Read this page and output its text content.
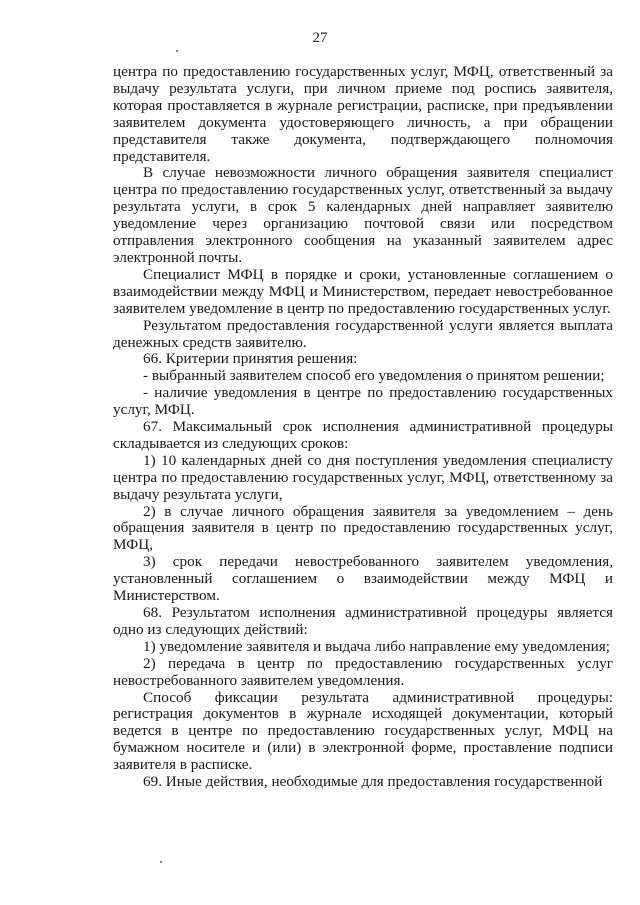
27

центра по предоставлению государственных услуг, МФЦ, ответственный за выдачу результата услуги, при личном приеме под роспись заявителя, которая проставляется в журнале регистрации, расписке, при предъявлении заявителем документа удостоверяющего личность, а при обращении представителя также документа, подтверждающего полномочия представителя.

В случае невозможности личного обращения заявителя специалист центра по предоставлению государственных услуг, ответственный за выдачу результата услуги, в срок 5 календарных дней направляет заявителю уведомление через организацию почтовой связи или посредством отправления электронного сообщения на указанный заявителем адрес электронной почты.

Специалист МФЦ в порядке и сроки, установленные соглашением о взаимодействии между МФЦ и Министерством, передает невостребованное заявителем уведомление в центр по предоставлению государственных услуг.

Результатом предоставления государственной услуги является выплата денежных средств заявителю.

66. Критерии принятия решения:

- выбранный заявителем способ его уведомления о принятом решении;

- наличие уведомления в центре по предоставлению государственных услуг, МФЦ.

67. Максимальный срок исполнения административной процедуры складывается из следующих сроков:

1) 10 календарных дней со дня поступления уведомления специалисту центра по предоставлению государственных услуг, МФЦ, ответственному за выдачу результата услуги,

2) в случае личного обращения заявителя за уведомлением – день обращения заявителя в центр по предоставлению государственных услуг, МФЦ,

3) срок передачи невостребованного заявителем уведомления, установленный соглашением о взаимодействии между МФЦ и Министерством.

68. Результатом исполнения административной процедуры является одно из следующих действий:

1) уведомление заявителя и выдача либо направление ему уведомления;

2) передача в центр по предоставлению государственных услуг невостребованного заявителем уведомления.

Способ фиксации результата административной процедуры: регистрация документов в журнале исходящей документации, который ведется в центре по предоставлению государственных услуг, МФЦ на бумажном носителе и (или) в электронной форме, проставление подписи заявителя в расписке.

69. Иные действия, необходимые для предоставления государственной
